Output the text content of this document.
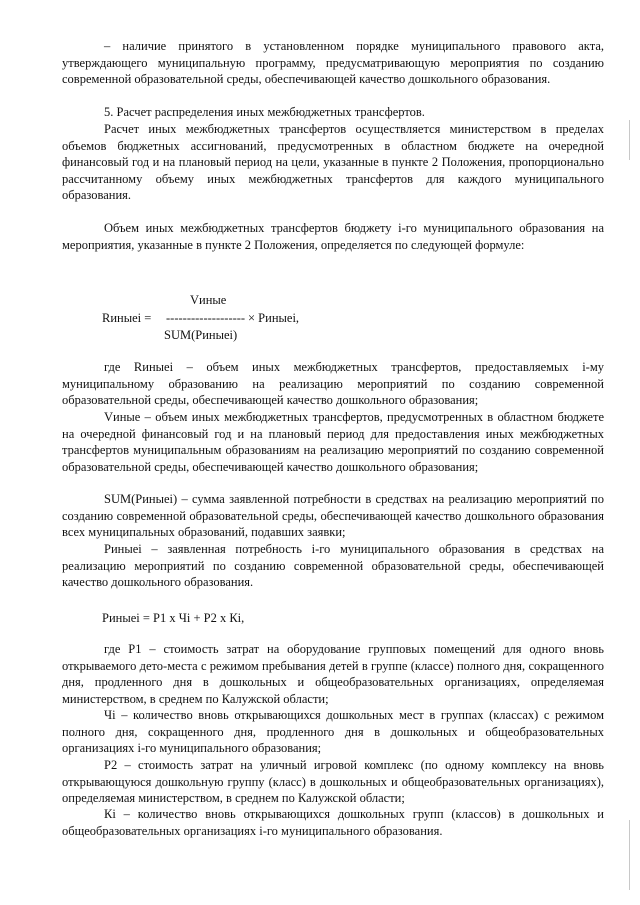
– наличие принятого в установленном порядке муниципального правового акта, утверждающего муниципальную программу, предусматривающую мероприятия по созданию современной образовательной среды, обеспечивающей качество дошкольного образования.

5. Расчет распределения иных межбюджетных трансфертов.

Расчет иных межбюджетных трансфертов осуществляется министерством в пределах объемов бюджетных ассигнований, предусмотренных в областном бюджете на очередной финансовый год и на плановый период на цели, указанные в пункте 2 Положения, пропорционально рассчитанному объему иных межбюджетных трансфертов для каждого муниципального образования.

Объем иных межбюджетных трансфертов бюджету i-го муниципального образования на мероприятия, указанные в пункте 2 Положения, определяется по следующей формуле:

Vиные
Rиныеi = ------------------- × Риныеi,
SUM(Риныеi)

где Rиныеi – объем иных межбюджетных трансфертов, предоставляемых i-му муниципальному образованию на реализацию мероприятий по созданию современной образовательной среды, обеспечивающей качество дошкольного образования;

Vиные – объем иных межбюджетных трансфертов, предусмотренных в областном бюджете на очередной финансовый год и на плановый период для предоставления иных межбюджетных трансфертов муниципальным образованиям на реализацию мероприятий по созданию современной образовательной среды, обеспечивающей качество дошкольного образования;

SUM(Риныеi) – сумма заявленной потребности в средствах на реализацию мероприятий по созданию современной образовательной среды, обеспечивающей качество дошкольного образования всех муниципальных образований, подавших заявки;

Риныеi – заявленная потребность i-го муниципального образования в средствах на реализацию мероприятий по созданию современной образовательной среды, обеспечивающей качество дошкольного образования.

Риныеi = P1 x Чi + P2 x Кi,

где P1 – стоимость затрат на оборудование групповых помещений для одного вновь открываемого дето-места с режимом пребывания детей в группе (классе) полного дня, сокращенного дня, продленного дня в дошкольных и общеобразовательных организациях, определяемая министерством, в среднем по Калужской области;

Чi – количество вновь открывающихся дошкольных мест в группах (классах) с режимом полного дня, сокращенного дня, продленного дня в дошкольных и общеобразовательных организациях i-го муниципального образования;

P2 – стоимость затрат на уличный игровой комплекс (по одному комплексу на вновь открывающуюся дошкольную группу (класс) в дошкольных и общеобразовательных организациях), определяемая министерством, в среднем по Калужской области;

Кi – количество вновь открывающихся дошкольных групп (классов) в дошкольных и общеобразовательных организациях i-го муниципального образования.
